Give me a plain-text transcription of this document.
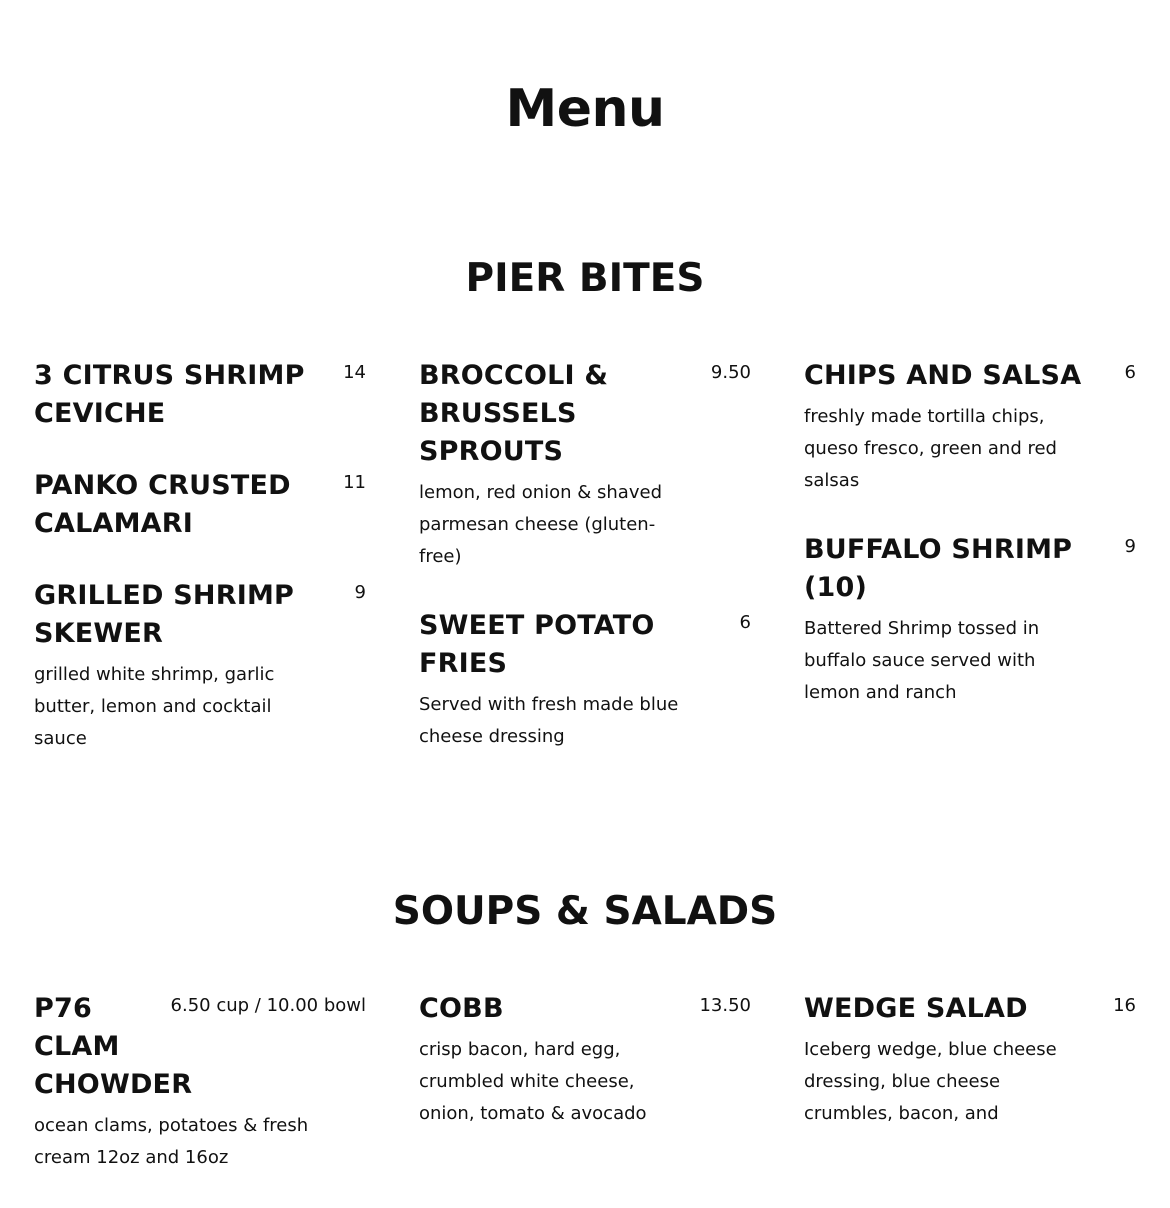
Menu
PIER BITES
3 CITRUS SHRIMP CEVICHE
14
PANKO CRUSTED CALAMARI
11
GRILLED SHRIMP SKEWER
9
grilled white shrimp, garlic butter, lemon and cocktail sauce
BROCCOLI & BRUSSELS SPROUTS
9.50
lemon, red onion & shaved parmesan cheese (gluten-free)
SWEET POTATO FRIES
6
Served with fresh made blue cheese dressing
CHIPS AND SALSA	6
freshly made tortilla chips, queso fresco, green and red salsas
BUFFALO SHRIMP (10)
9
Battered Shrimp tossed in buffalo sauce served with lemon and ranch
SOUPS & SALADS
P76 CLAM CHOWDER
6.50 cup / 10.00 bowl
ocean clams, potatoes & fresh cream 12oz and 16oz
COBB	13.50
crisp bacon, hard egg, crumbled white cheese, onion, tomato & avocado
WEDGE SALAD	16
Iceberg wedge, blue cheese dressing, blue cheese crumbles, bacon, and
